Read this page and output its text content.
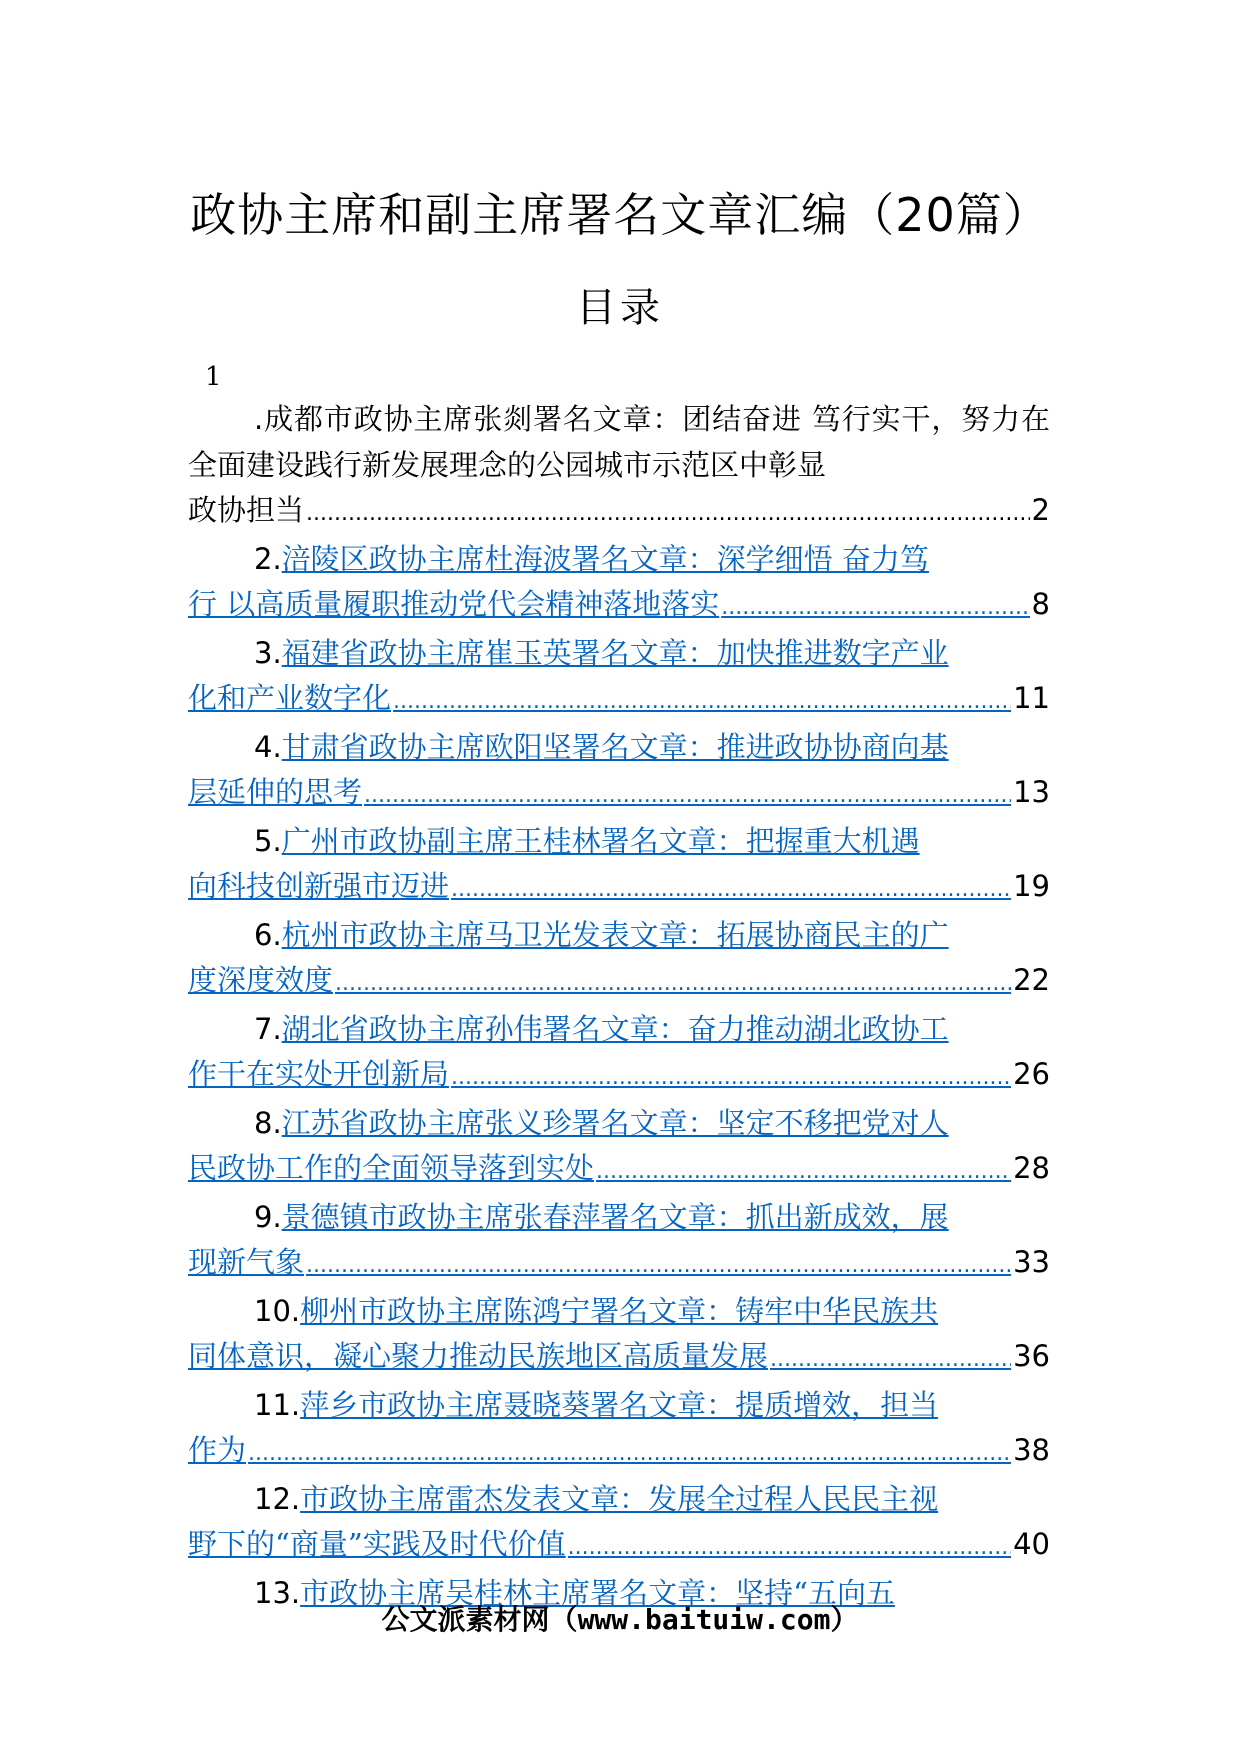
政协主席和副主席署名文章汇编（20篇）
目录
1
.成都市政协主席张剡署名文章：团结奋进 笃行实干，努力在全面建设践行新发展理念的公园城市示范区中彰显
政协担当 .....	2
2.涪陵区政协主席杜海波署名文章：深学细悟 奋力笃
行 以高质量履职推动党代会精神落地落实 .....	8
3.福建省政协主席崔玉英署名文章：加快推进数字产业
化和产业数字化 .....	11
4.甘肃省政协主席欧阳坚署名文章：推进政协协商向基
层延伸的思考 .....	13
5.广州市政协副主席王桂林署名文章：把握重大机遇
向科技创新强市迈进 .....	19
6.杭州市政协主席马卫光发表文章：拓展协商民主的广
度深度效度 .....	22
7.湖北省政协主席孙伟署名文章：奋力推动湖北政协工
作干在实处开创新局 .....	26
8.江苏省政协主席张义珍署名文章：坚定不移把党对人
民政协工作的全面领导落到实处 .....	28
9.景德镇市政协主席张春萍署名文章：抓出新成效，展
现新气象 .....	33
10.柳州市政协主席陈鸿宁署名文章：铸牢中华民族共
同体意识，凝心聚力推动民族地区高质量发展 .....	36
11.萍乡市政协主席聂晓葵署名文章：提质增效，担当
作为 .....	38
12.市政协主席雷杰发表文章：发展全过程人民民主视
野下的“商量”实践及时代价值 .....	40
13.市政协主席吴桂林主席署名文章：坚持“五向五
公文派素材网（www.baituiw.com）
